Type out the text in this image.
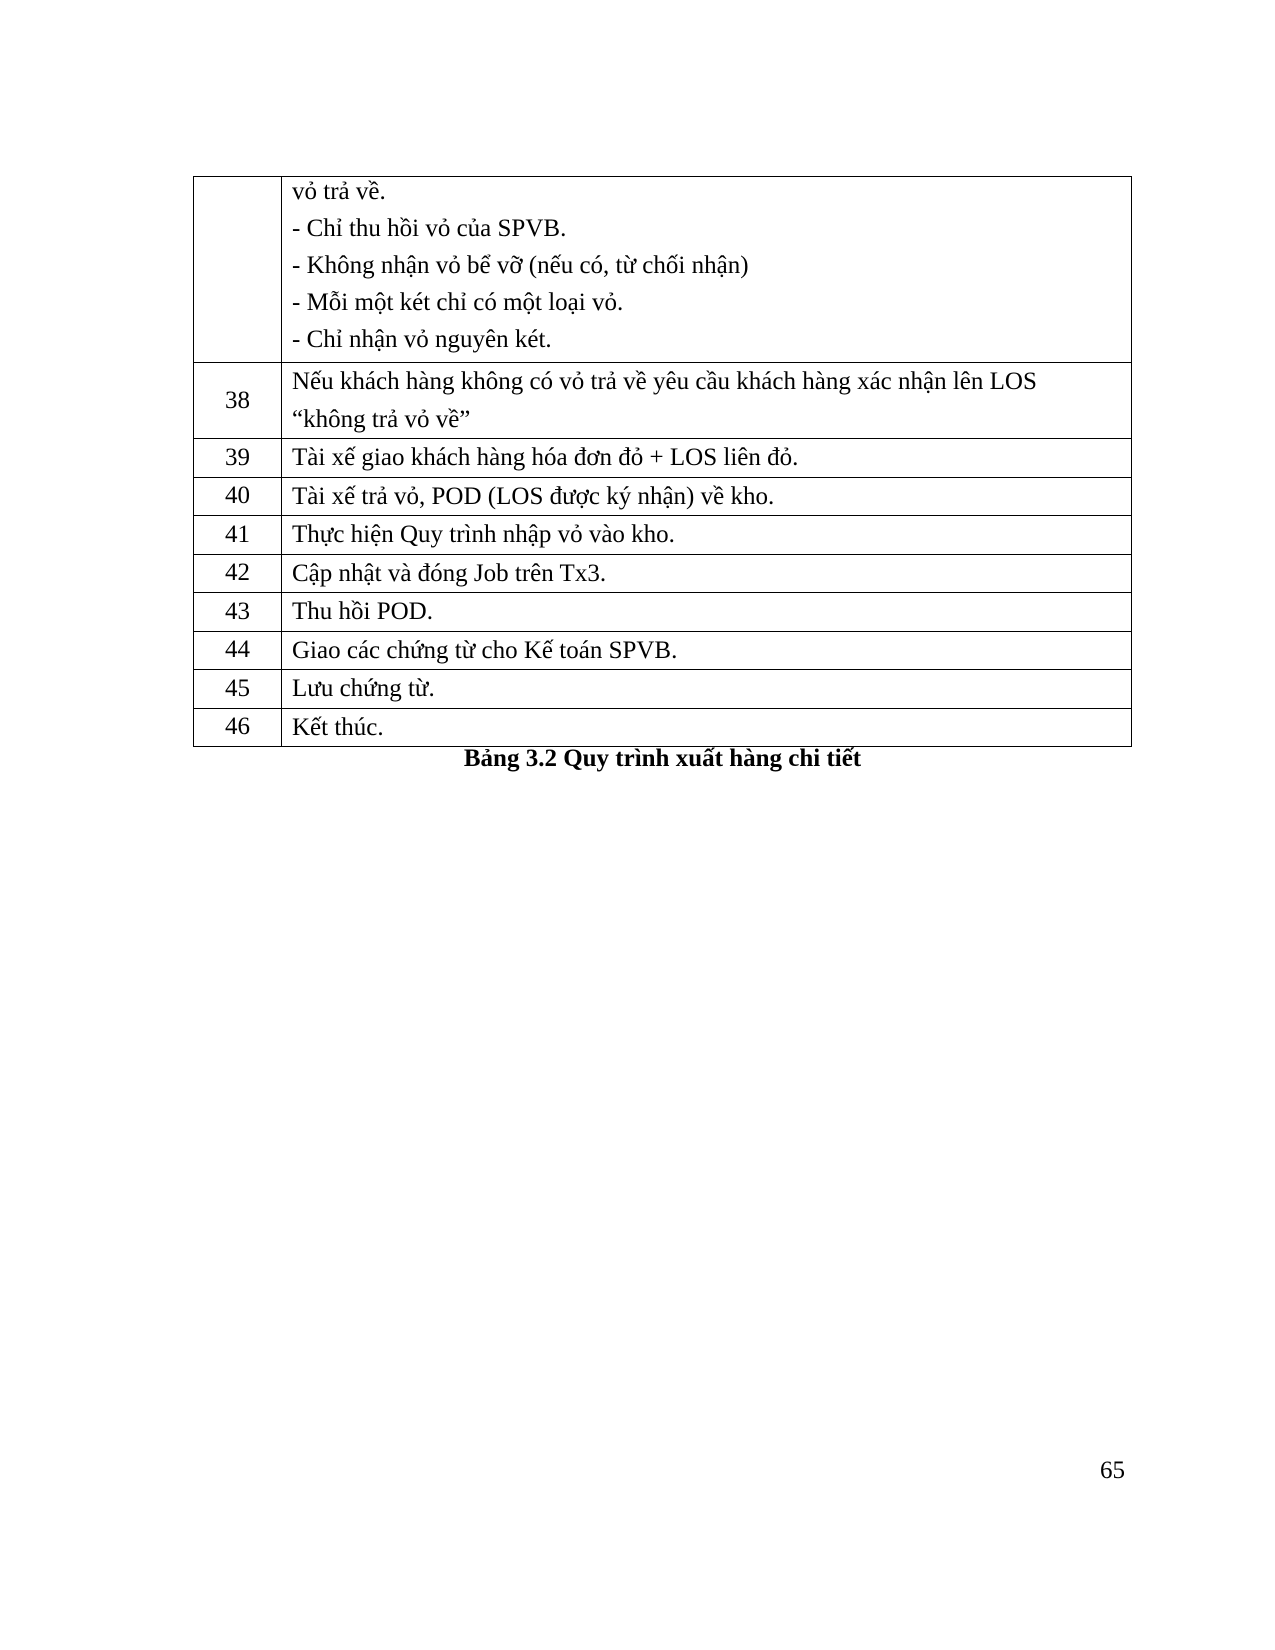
	vỏ trả về.
- Chỉ thu hồi vỏ của SPVB.
- Không nhận vỏ bể vỡ (nếu có, từ chối nhận)
- Mỗi một két chỉ có một loại vỏ.
- Chỉ nhận vỏ nguyên két.

38	Nếu khách hàng không có vỏ trả về yêu cầu khách hàng xác nhận lên LOS
“không trả vỏ về”

39	Tài xế giao khách hàng hóa đơn đỏ + LOS liên đỏ.

40	Tài xế trả vỏ, POD (LOS được ký nhận) về kho.

41	Thực hiện Quy trình nhập vỏ vào kho.

42	Cập nhật và đóng Job trên Tx3.

43	Thu hồi POD.

44	Giao các chứng từ cho Kế toán SPVB.

45	Lưu chứng từ.

46	Kết thúc.
Bảng 3.2 Quy trình xuất hàng chi tiết
65
